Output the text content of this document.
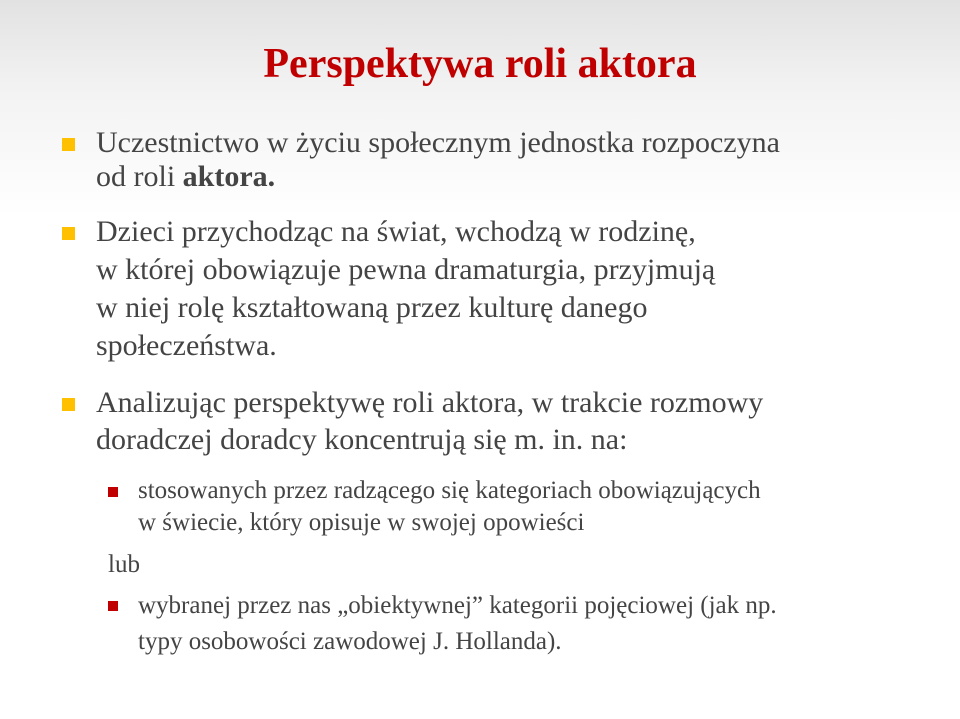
Perspektywa roli aktora
Uczestnictwo w życiu społecznym jednostka rozpoczyna
od roli aktora.
Dzieci przychodząc na świat, wchodzą w rodzinę,
w której obowiązuje pewna dramaturgia, przyjmują
w niej rolę kształtowaną przez kulturę danego
społeczeństwa.
Analizując perspektywę roli aktora, w trakcie rozmowy
doradczej doradcy koncentrują się m. in. na:
stosowanych przez radzącego się kategoriach obowiązujących
w świecie, który opisuje w swojej opowieści
lub
wybranej przez nas „obiektywnej” kategorii pojęciowej (jak np.
typy osobowości zawodowej J. Hollanda).
